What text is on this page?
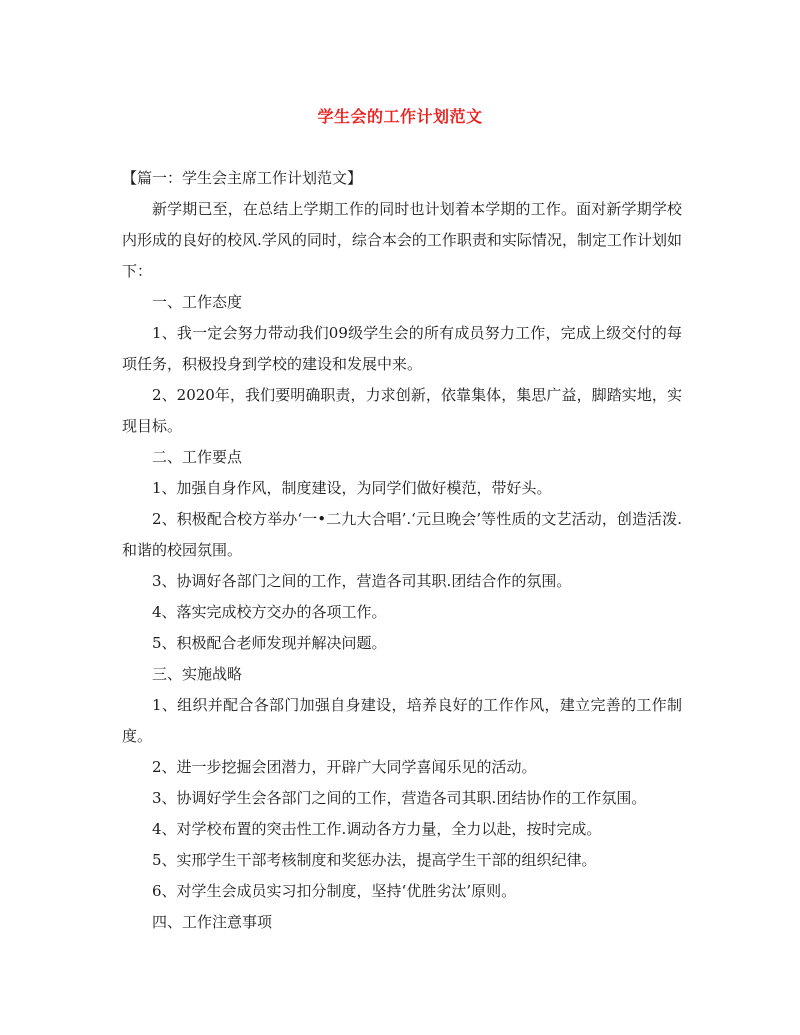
学生会的工作计划范文

【篇一：学生会主席工作计划范文】

新学期已至，在总结上学期工作的同时也计划着本学期的工作。面对新学期学校内形成的良好的校风.学风的同时，综合本会的工作职责和实际情况，制定工作计划如下：

一、工作态度

1、我一定会努力带动我们09级学生会的所有成员努力工作，完成上级交付的每项任务，积极投身到学校的建设和发展中来。

2、2020年，我们要明确职责，力求创新，依靠集体，集思广益，脚踏实地，实现目标。

二、工作要点

1、加强自身作风，制度建设，为同学们做好模范，带好头。

2、积极配合校方举办‘一•二九大合唱’.‘元旦晚会’等性质的文艺活动，创造活泼.和谐的校园氛围。

3、协调好各部门之间的工作，营造各司其职.团结合作的氛围。

4、落实完成校方交办的各项工作。

5、积极配合老师发现并解决问题。

三、实施战略

1、组织并配合各部门加强自身建设，培养良好的工作作风，建立完善的工作制度。

2、进一步挖掘会团潜力，开辟广大同学喜闻乐见的活动。

3、协调好学生会各部门之间的工作，营造各司其职.团结协作的工作氛围。

4、对学校布置的突击性工作.调动各方力量，全力以赴，按时完成。

5、实邢学生干部考核制度和奖惩办法，提高学生干部的组织纪律。

6、对学生会成员实习扣分制度，坚持‘优胜劣汰’原则。

四、工作注意事项
